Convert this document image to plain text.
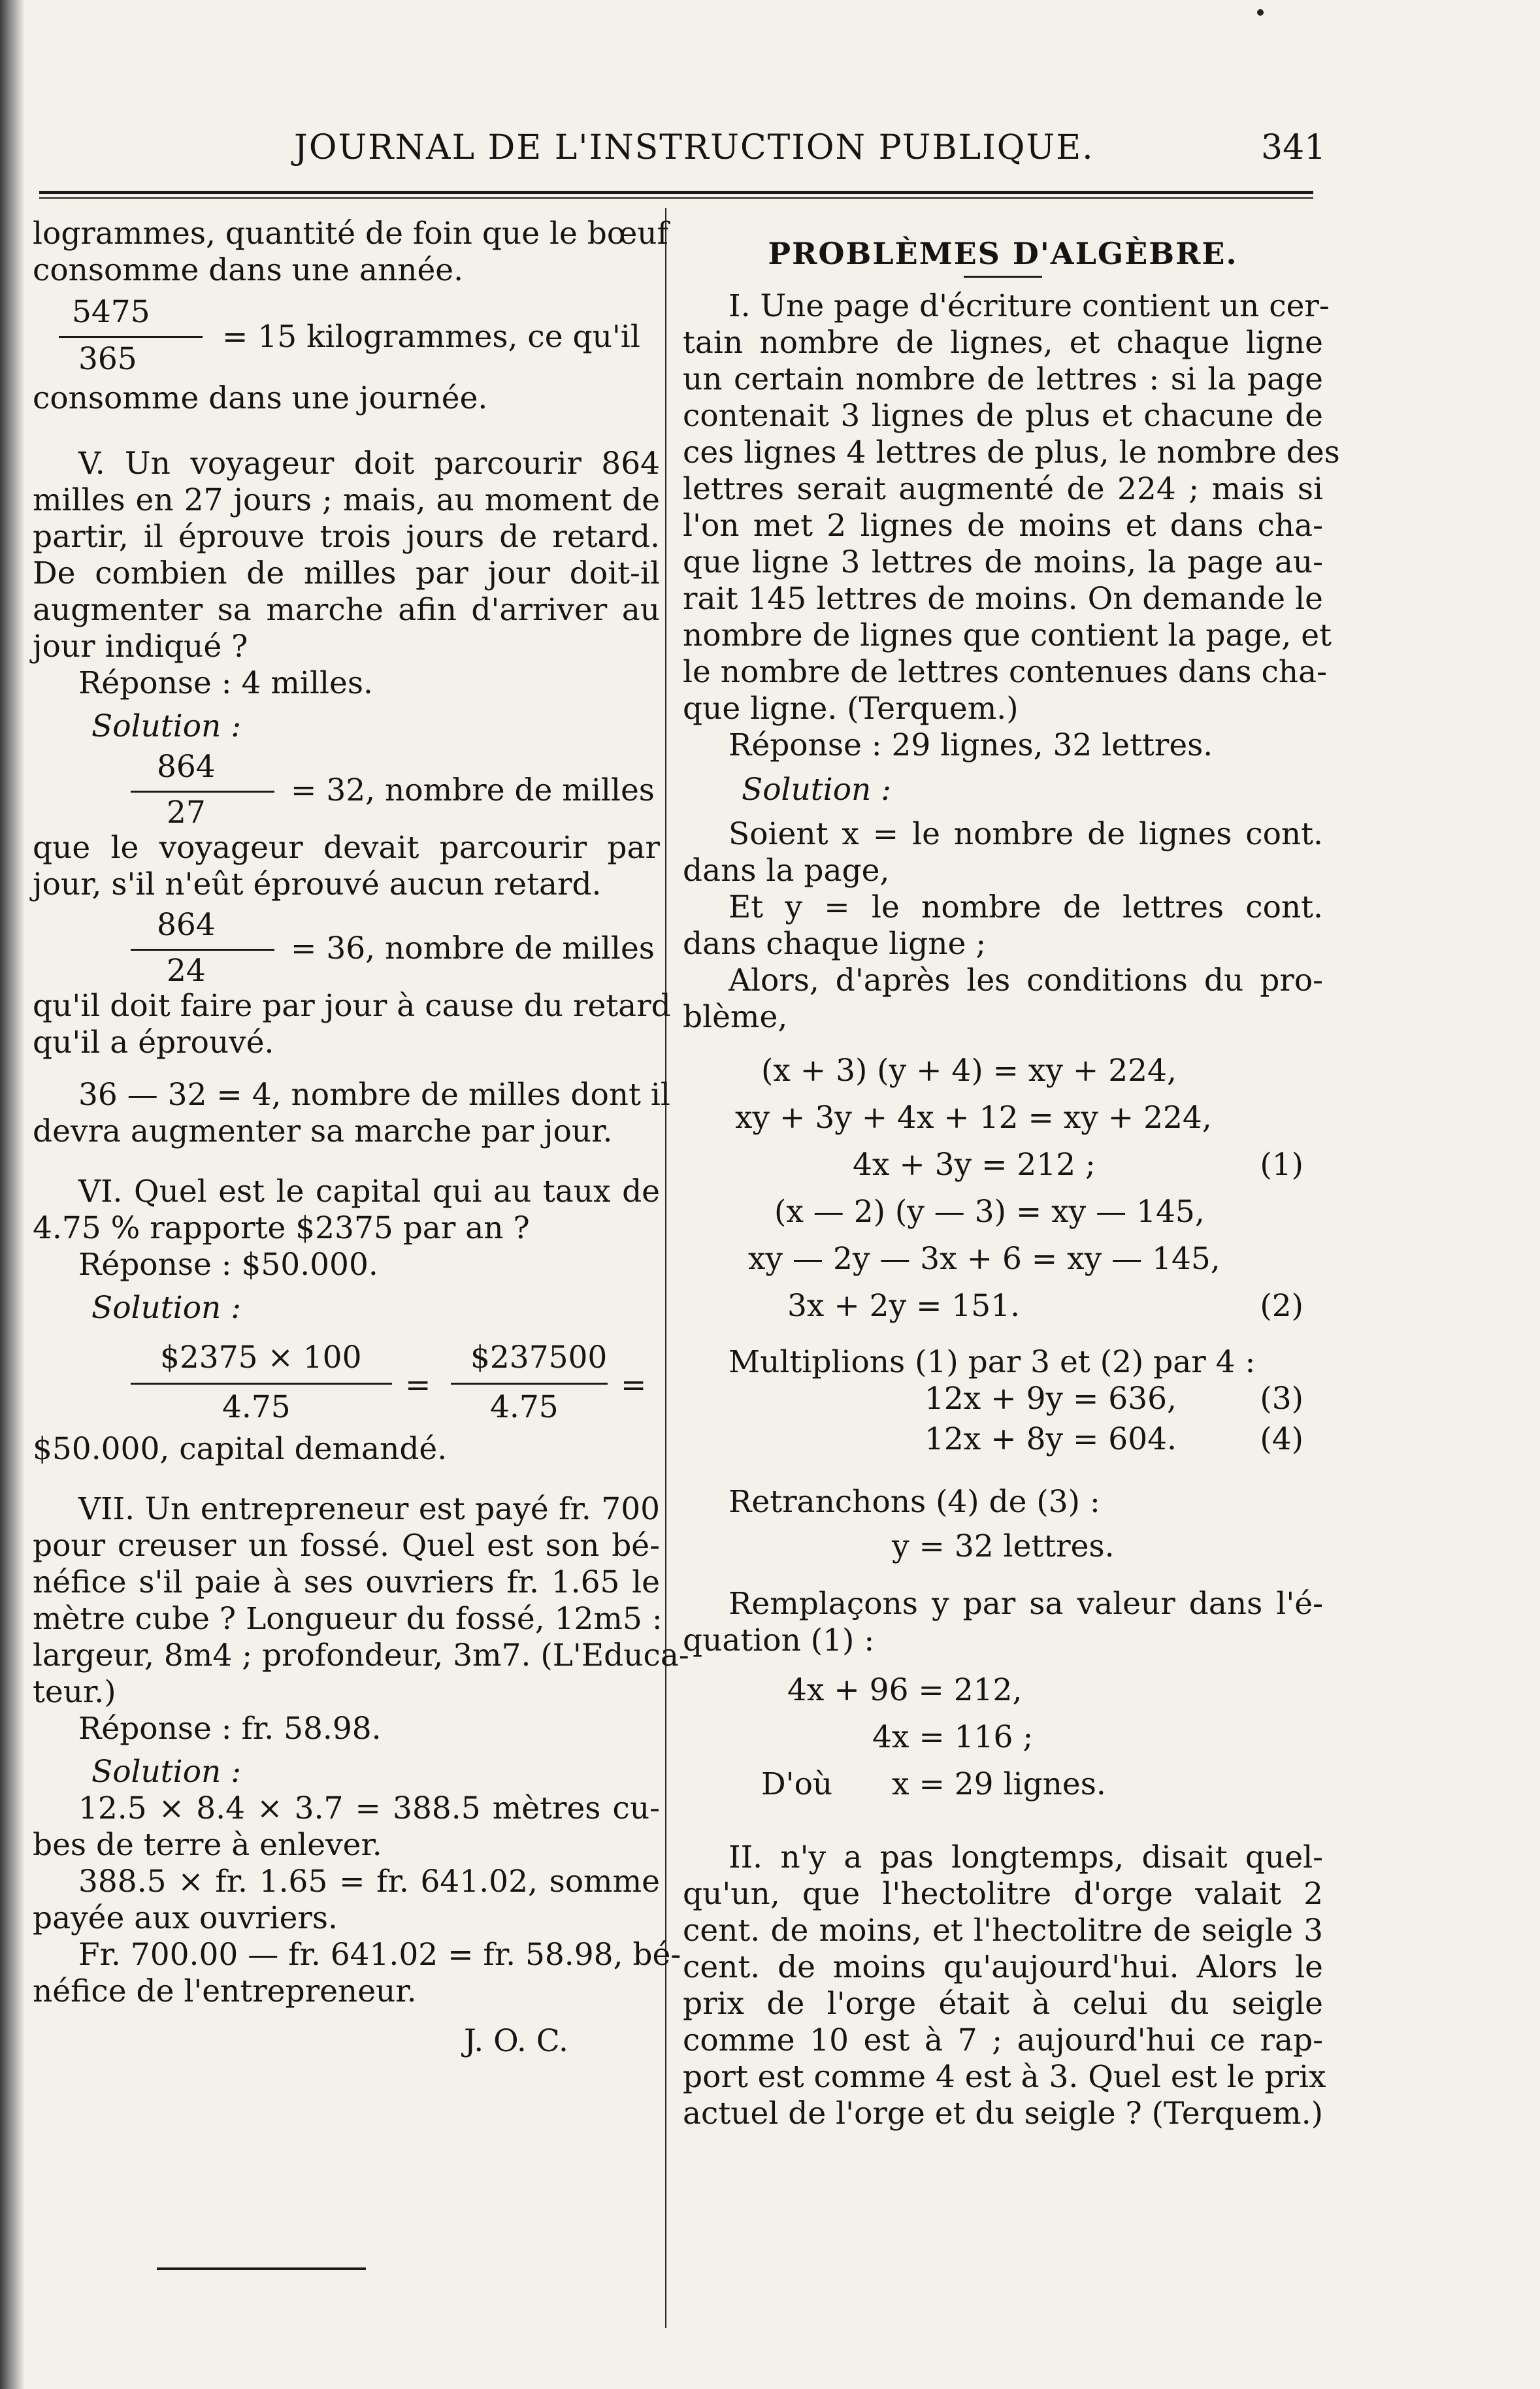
JOURNAL DE L'INSTRUCTION PUBLIQUE.	341
logrammes, quantité de foin que le bœuf
consomme dans une année.
5475
365
= 15 kilogrammes, ce qu'il
consomme dans une journée.
V. Un voyageur doit parcourir 864
milles en 27 jours ; mais, au moment de
partir, il éprouve trois jours de retard.
De combien de milles par jour doit-il
augmenter sa marche afin d'arriver au
jour indiqué ?
Réponse : 4 milles.
Solution :
864
27
= 32, nombre de milles
que le voyageur devait parcourir par
jour, s'il n'eût éprouvé aucun retard.
864
24
= 36, nombre de milles
qu'il doit faire par jour à cause du retard
qu'il a éprouvé.
36 — 32 = 4, nombre de milles dont il
devra augmenter sa marche par jour.
VI. Quel est le capital qui au taux de
4.75 % rapporte $2375 par an ?
Réponse : $50.000.
Solution :
$2375 × 100
4.75
=
$237500
4.75
=
$50.000, capital demandé.
VII. Un entrepreneur est payé fr. 700
pour creuser un fossé. Quel est son bé-
néfice s'il paie à ses ouvriers fr. 1.65 le
mètre cube ? Longueur du fossé, 12m5 :
largeur, 8m4 ; profondeur, 3m7. (L'Educa-
teur.)
Réponse : fr. 58.98.
Solution :
12.5 × 8.4 × 3.7 = 388.5 mètres cu-
bes de terre à enlever.
388.5 × fr. 1.65 = fr. 641.02, somme
payée aux ouvriers.
Fr. 700.00 — fr. 641.02 = fr. 58.98, bé-
néfice de l'entrepreneur.
J. O. C.
PROBLÈMES D'ALGÈBRE.
I. Une page d'écriture contient un cer-
tain nombre de lignes, et chaque ligne
un certain nombre de lettres : si la page
contenait 3 lignes de plus et chacune de
ces lignes 4 lettres de plus, le nombre des
lettres serait augmenté de 224 ; mais si
l'on met 2 lignes de moins et dans cha-
que ligne 3 lettres de moins, la page au-
rait 145 lettres de moins. On demande le
nombre de lignes que contient la page, et
le nombre de lettres contenues dans cha-
que ligne. (Terquem.)
Réponse : 29 lignes, 32 lettres.
Solution :
Soient x = le nombre de lignes cont.
dans la page,
Et y = le nombre de lettres cont.
dans chaque ligne ;
Alors, d'après les conditions du pro-
blème,
(x + 3) (y + 4) = xy + 224,
xy + 3y + 4x + 12 = xy + 224,
4x + 3y = 212 ;	(1)
(x — 2) (y — 3) = xy — 145,
xy — 2y — 3x + 6 = xy — 145,
3x + 2y = 151.	(2)
Multiplions (1) par 3 et (2) par 4 :
12x + 9y = 636,	(3)
12x + 8y = 604.	(4)
Retranchons (4) de (3) :
y = 32 lettres.
Remplaçons y par sa valeur dans l'é-
quation (1) :
4x + 96 = 212,
4x = 116 ;
D'où x = 29 lignes.
II. n'y a pas longtemps, disait quel-
qu'un, que l'hectolitre d'orge valait 2
cent. de moins, et l'hectolitre de seigle 3
cent. de moins qu'aujourd'hui. Alors le
prix de l'orge était à celui du seigle
comme 10 est à 7 ; aujourd'hui ce rap-
port est comme 4 est à 3. Quel est le prix
actuel de l'orge et du seigle ? (Terquem.)
